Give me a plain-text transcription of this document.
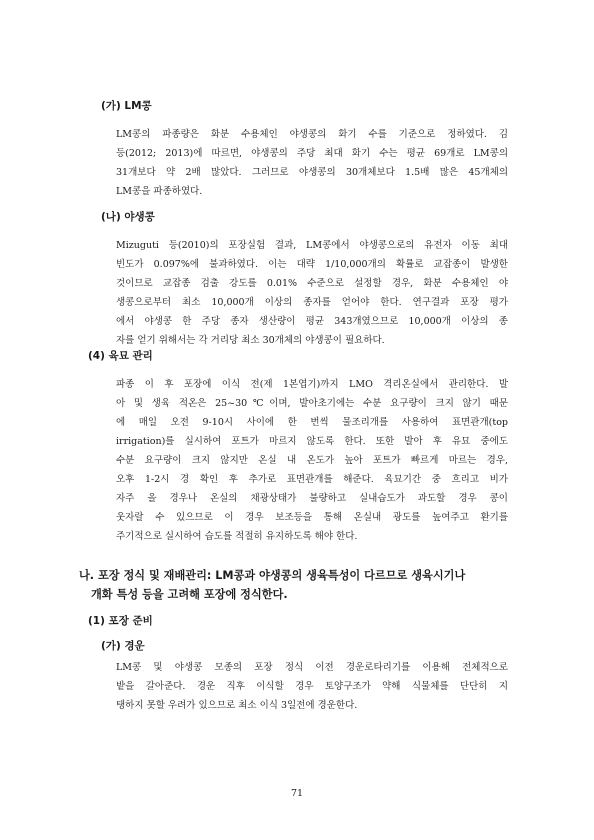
(가) LM콩
LM콩의 파종량은 화분 수용체인 야생콩의 화기 수를 기준으로 정하였다. 김
등(2012; 2013)에 따르면, 야생콩의 주당 최대 화기 수는 평균 69개로 LM콩의
31개보다 약 2배 많았다. 그러므로 야생콩의 30개체보다 1.5배 많은 45개체의
LM콩을 파종하였다.
(나) 야생콩
Mizuguti 등(2010)의 포장실험 결과, LM콩에서 야생콩으로의 유전자 이동 최대
빈도가 0.097%에 불과하였다. 이는 대략 1/10,000개의 확률로 교잡종이 발생한
것이므로 교잡종 검출 강도를 0.01% 수준으로 설정할 경우, 화분 수용체인 야
생콩으로부터 최소 10,000개 이상의 종자를 얻어야 한다. 연구결과 포장 평가
에서 야생콩 한 주당 종자 생산량이 평균 343개였으므로 10,000개 이상의 종
자를 얻기 위해서는 각 거리당 최소 30개체의 야생콩이 필요하다.
(4) 육묘 관리
파종 이 후 포장에 이식 전(제 1본엽기)까지 LMO 격리온실에서 관리한다. 발
아 및 생육 적온은 25~30℃이며, 발아초기에는 수분 요구량이 크지 않기 때문
에 매일 오전 9-10시 사이에 한 번씩 물조리개를 사용하여 표면관개(top
irrigation)를 실시하여 포트가 마르지 않도록 한다. 또한 발아 후 유묘 중에도
수분 요구량이 크지 않지만 온실 내 온도가 높아 포트가 빠르게 마르는 경우,
오후 1-2시 경 확인 후 추가로 표면관개를 해준다. 육묘기간 중 흐리고 비가
자주 올 경우나 온실의 채광상태가 불량하고 실내습도가 과도할 경우 콩이
웃자랄 수 있으므로 이 경우 보조등을 통해 온실내 광도를 높여주고 환기를
주기적으로 실시하여 습도를 적절히 유지하도록 해야 한다.
나. 포장 정식 및 재배관리: LM콩과 야생콩의 생육특성이 다르므로 생육시기나
개화 특성 등을 고려해 포장에 정식한다.
(1) 포장 준비
(가) 경운
LM콩 및 야생콩 모종의 포장 정식 이전 경운로타리기를 이용해 전체적으로
밭을 갈아준다. 경운 직후 이식할 경우 토양구조가 약해 식물체를 단단히 지
탱하지 못할 우려가 있으므로 최소 이식 3일전에 경운한다.
71
